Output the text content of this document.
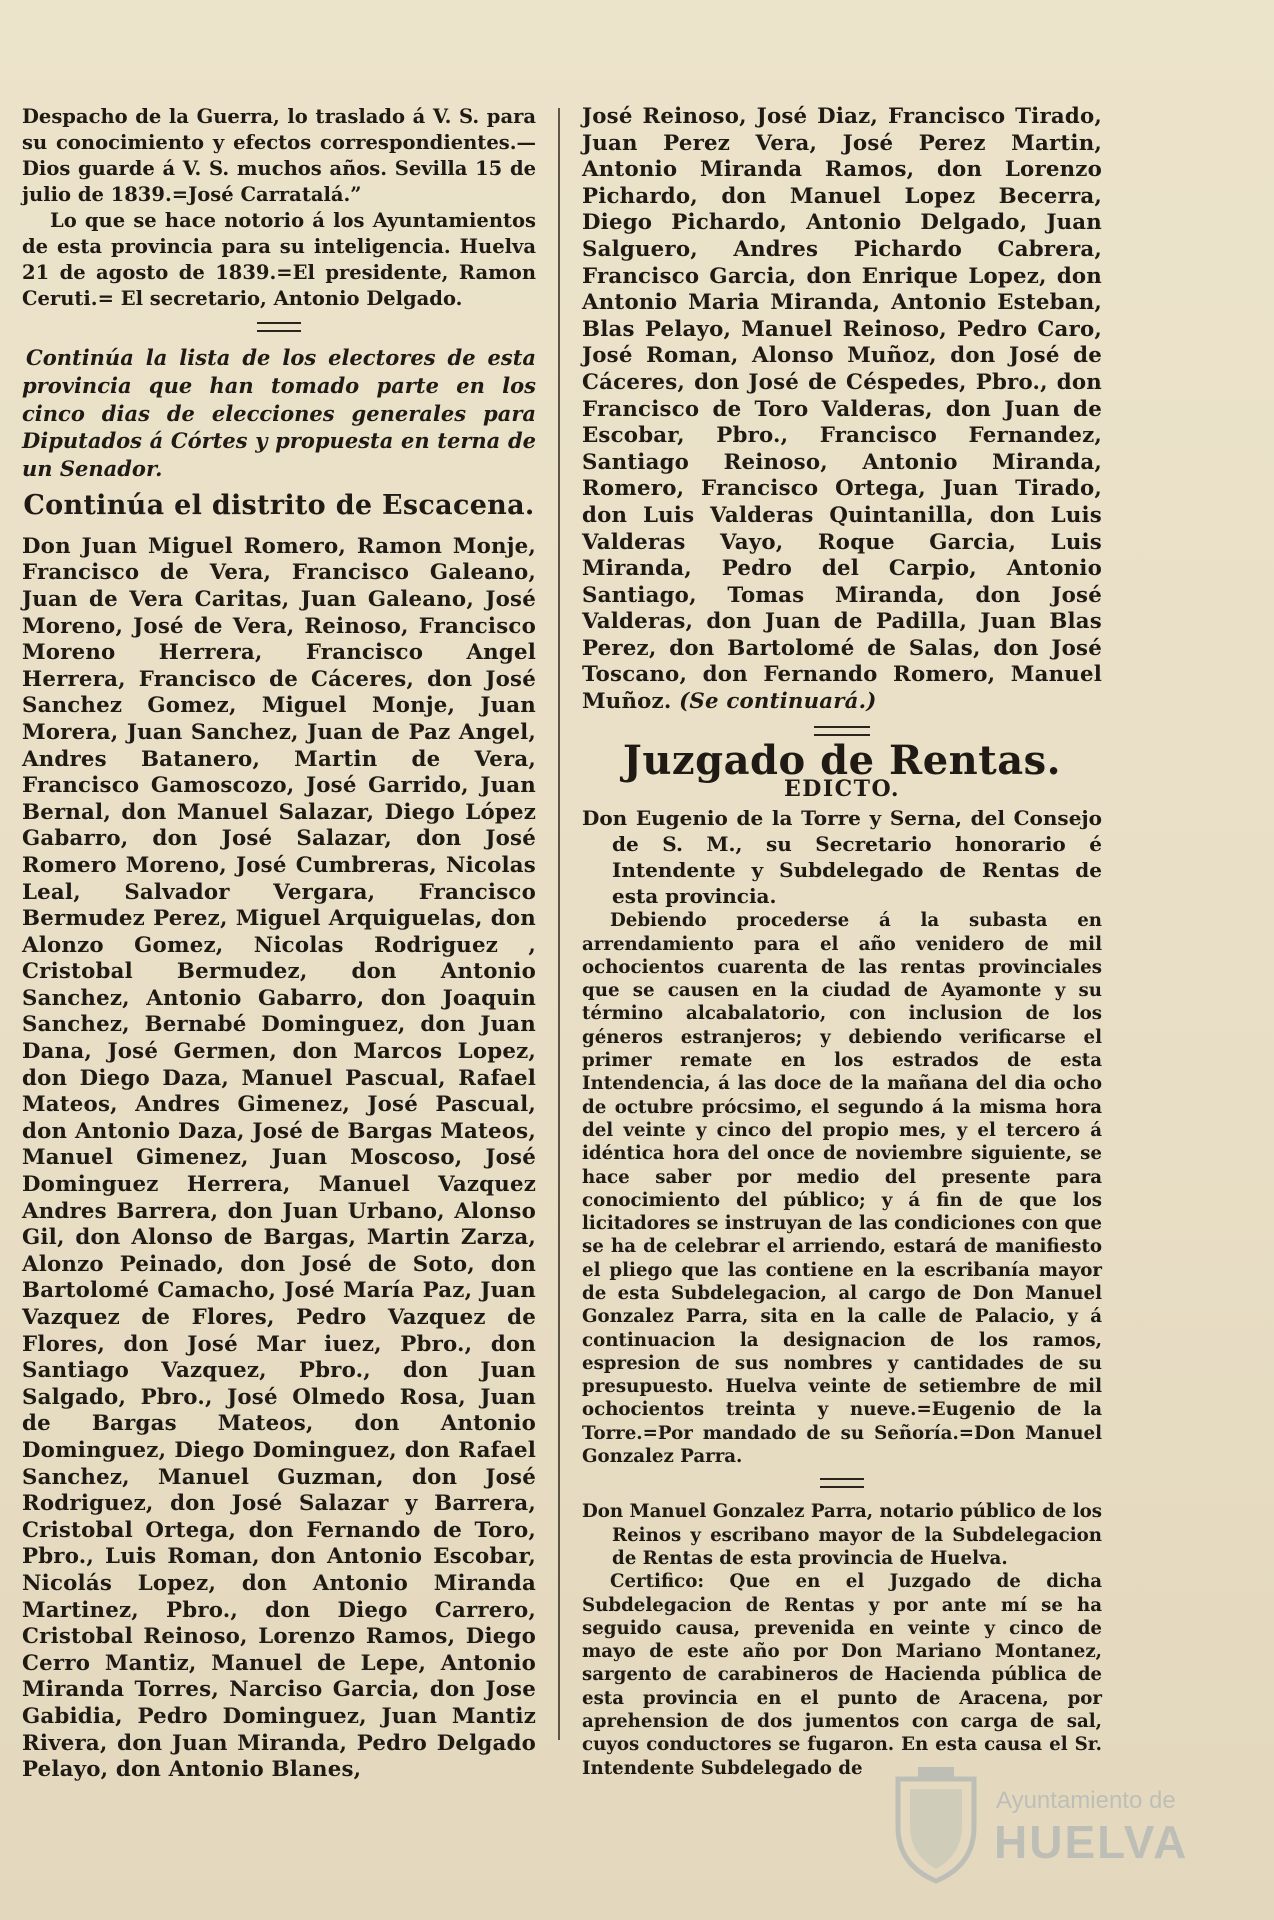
Despacho de la Guerra, lo traslado á V. S. para su conocimiento y efectos correspondientes.—Dios guarde á V. S. muchos años. Sevilla 15 de julio de 1839.=José Carratalá.”

Lo que se hace notorio á los Ayuntamientos de esta provincia para su inteligencia. Huelva 21 de agosto de 1839.=El presidente, Ramon Ceruti.= El secretario, Antonio Delgado.

Continúa la lista de los electores de esta provincia que han tomado parte en los cinco dias de elecciones generales para Diputados á Córtes y propuesta en terna de un Senador.

Continúa el distrito de Escacena.

Don Juan Miguel Romero, Ramon Monje, Francisco de Vera, Francisco Galeano, Juan de Vera Caritas, Juan Galeano, José Moreno, José de Vera, Reinoso, Francisco Moreno Herrera, Francisco Angel Herrera, Francisco de Cáceres, don José Sanchez Gomez, Miguel Monje, Juan Morera, Juan Sanchez, Juan de Paz Angel, Andres Batanero, Martin de Vera, Francisco Gamoscozo, José Garrido, Juan Bernal, don Manuel Salazar, Diego López Gabarro, don José Salazar, don José Romero Moreno, José Cumbreras, Nicolas Leal, Salvador Vergara, Francisco Bermudez Perez, Miguel Arquiguelas, don Alonzo Gomez, Nicolas Rodriguez , Cristobal Bermudez, don Antonio Sanchez, Antonio Gabarro, don Joaquin Sanchez, Bernabé Dominguez, don Juan Dana, José Germen, don Marcos Lopez, don Diego Daza, Manuel Pascual, Rafael Mateos, Andres Gimenez, José Pascual, don Antonio Daza, José de Bargas Mateos, Manuel Gimenez, Juan Moscoso, José Dominguez Herrera, Manuel Vazquez Andres Barrera, don Juan Urbano, Alonso Gil, don Alonso de Bargas, Martin Zarza, Alonzo Peinado, don José de Soto, don Bartolomé Camacho, José María Paz, Juan Vazquez de Flores, Pedro Vazquez de Flores, don José Mar iuez, Pbro., don Santiago Vazquez, Pbro., don Juan Salgado, Pbro., José Olmedo Rosa, Juan de Bargas Mateos, don Antonio Dominguez, Diego Dominguez, don Rafael Sanchez, Manuel Guzman, don José Rodriguez, don José Salazar y Barrera, Cristobal Ortega, don Fernando de Toro, Pbro., Luis Roman, don Antonio Escobar, Nicolás Lopez, don Antonio Miranda Martinez, Pbro., don Diego Carrero, Cristobal Reinoso, Lorenzo Ramos, Diego Cerro Mantiz, Manuel de Lepe, Antonio Miranda Torres, Narciso Garcia, don Jose Gabidia, Pedro Dominguez, Juan Mantiz Rivera, don Juan Miranda, Pedro Delgado Pelayo, don Antonio Blanes,

José Reinoso, José Diaz, Francisco Tirado, Juan Perez Vera, José Perez Martin, Antonio Miranda Ramos, don Lorenzo Pichardo, don Manuel Lopez Becerra, Diego Pichardo, Antonio Delgado, Juan Salguero, Andres Pichardo Cabrera, Francisco Garcia, don Enrique Lopez, don Antonio Maria Miranda, Antonio Esteban, Blas Pelayo, Manuel Reinoso, Pedro Caro, José Roman, Alonso Muñoz, don José de Cáceres, don José de Céspedes, Pbro., don Francisco de Toro Valderas, don Juan de Escobar, Pbro., Francisco Fernandez, Santiago Reinoso, Antonio Miranda, Romero, Francisco Ortega, Juan Tirado, don Luis Valderas Quintanilla, don Luis Valderas Vayo, Roque Garcia, Luis Miranda, Pedro del Carpio, Antonio Santiago, Tomas Miranda, don José Valderas, don Juan de Padilla, Juan Blas Perez, don Bartolomé de Salas, don José Toscano, don Fernando Romero, Manuel Muñoz. (Se continuará.)

Juzgado de Rentas.
EDICTO.

Don Eugenio de la Torre y Serna, del Consejo de S. M., su Secretario honorario é Intendente y Subdelegado de Rentas de esta provincia.

Debiendo procederse á la subasta en arrendamiento para el año venidero de mil ochocientos cuarenta de las rentas provinciales que se causen en la ciudad de Ayamonte y su término alcabalatorio, con inclusion de los géneros estranjeros; y debiendo verificarse el primer remate en los estrados de esta Intendencia, á las doce de la mañana del dia ocho de octubre prócsimo, el segundo á la misma hora del veinte y cinco del propio mes, y el tercero á idéntica hora del once de noviembre siguiente, se hace saber por medio del presente para conocimiento del público; y á fin de que los licitadores se instruyan de las condiciones con que se ha de celebrar el arriendo, estará de manifiesto el pliego que las contiene en la escribanía mayor de esta Subdelegacion, al cargo de Don Manuel Gonzalez Parra, sita en la calle de Palacio, y á continuacion la designacion de los ramos, espresion de sus nombres y cantidades de su presupuesto. Huelva veinte de setiembre de mil ochocientos treinta y nueve.=Eugenio de la Torre.=Por mandado de su Señoría.=Don Manuel Gonzalez Parra.

Don Manuel Gonzalez Parra, notario público de los Reinos y escribano mayor de la Subdelegacion de Rentas de esta provincia de Huelva.

Certifico: Que en el Juzgado de dicha Subdelegacion de Rentas y por ante mí se ha seguido causa, prevenida en veinte y cinco de mayo de este año por Don Mariano Montanez, sargento de carabineros de Hacienda pública de esta provincia en el punto de Aracena, por aprehension de dos jumentos con carga de sal, cuyos conductores se fugaron. En esta causa el Sr. Intendente Subdelegado de

Ayuntamiento de
HUELVA
